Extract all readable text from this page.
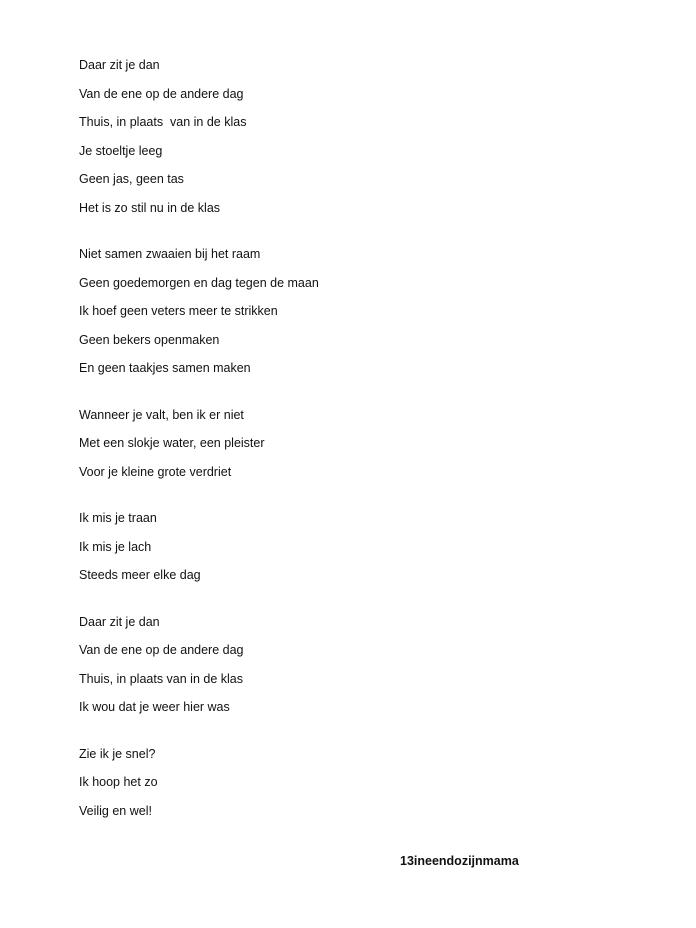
Daar zit je dan
Van de ene op de andere dag
Thuis, in plaats  van in de klas
Je stoeltje leeg
Geen jas, geen tas
Het is zo stil nu in de klas
Niet samen zwaaien bij het raam
Geen goedemorgen en dag tegen de maan
Ik hoef geen veters meer te strikken
Geen bekers openmaken
En geen taakjes samen maken
Wanneer je valt, ben ik er niet
Met een slokje water, een pleister
Voor je kleine grote verdriet
Ik mis je traan
Ik mis je lach
Steeds meer elke dag
Daar zit je dan
Van de ene op de andere dag
Thuis, in plaats van in de klas
Ik wou dat je weer hier was
Zie ik je snel?
Ik hoop het zo
Veilig en wel!
13ineendozijnmama
